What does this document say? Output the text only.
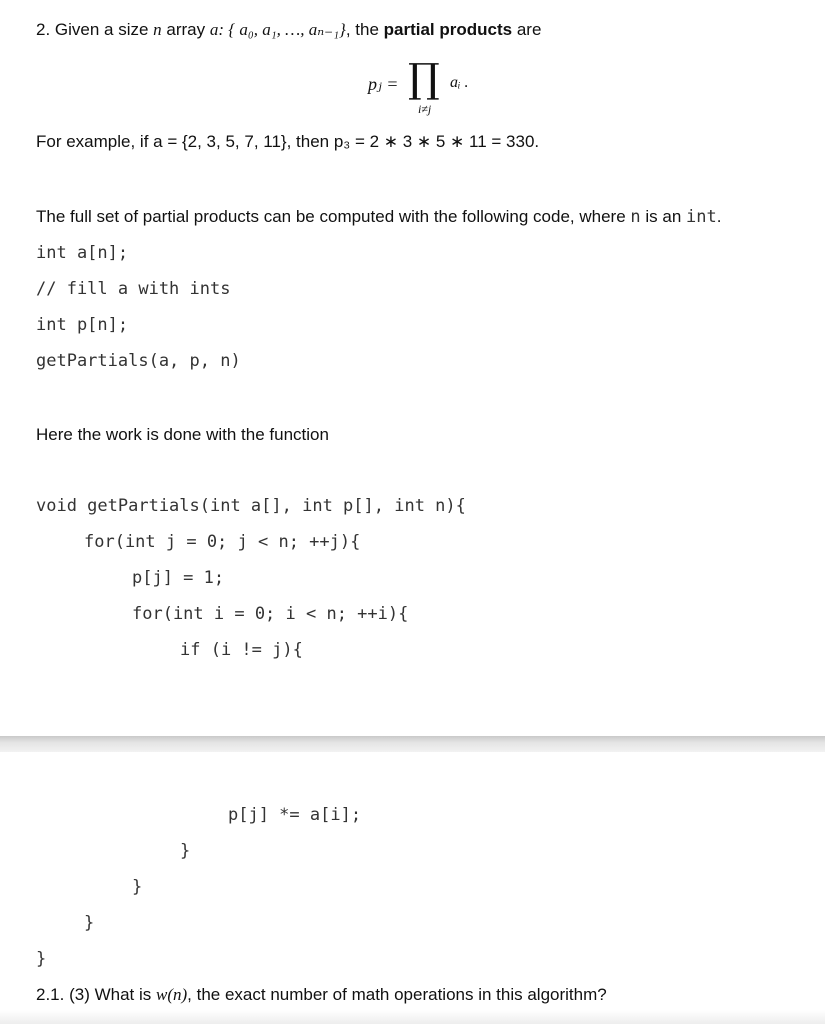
2. Given a size n array a: { a₀, a₁, …, aₙ₋₁}, the partial products are
pⱼ = ∏ aᵢ .
i≠j
For example, if a = {2, 3, 5, 7, 11}, then p₃ = 2 ∗ 3 ∗ 5 ∗ 11 = 330.
The full set of partial products can be computed with the following code, where n is an int.
int a[n];
// fill a with ints
int p[n];
getPartials(a, p, n)
Here the work is done with the function
void getPartials(int a[], int p[], int n){
for(int j = 0; j < n; ++j){
p[j] = 1;
for(int i = 0; i < n; ++i){
if (i != j){
p[j] *= a[i];
}
}
}
}
2.1. (3) What is w(n), the exact number of math operations in this algorithm?
